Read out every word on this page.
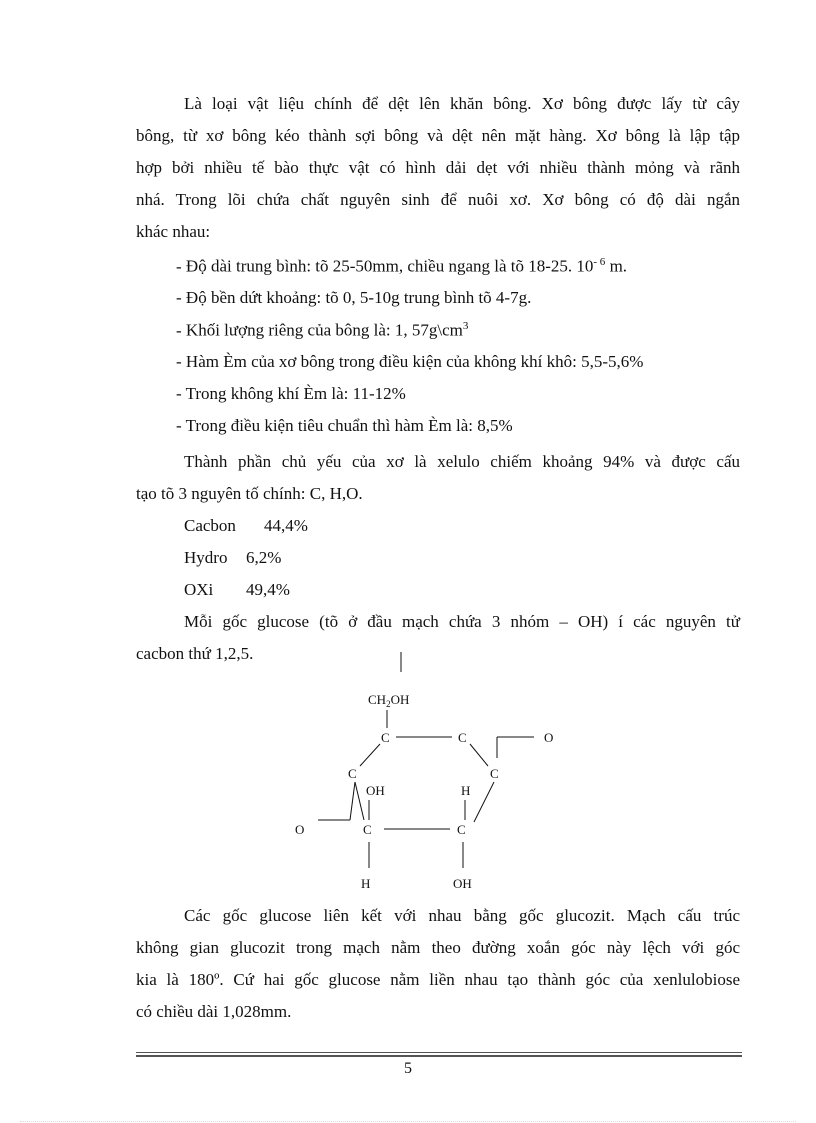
Là loại vật liệu chính để dệt lên khăn bông. Xơ bông được lấy từ cây
bông, từ xơ bông kéo thành sợi bông và dệt nên mặt hàng. Xơ bông là lập tập
hợp bởi nhiều tế bào thực vật có hình dải dẹt với nhiều thành mỏng và rãnh
nhá. Trong lõi chứa chất nguyên sinh để nuôi xơ. Xơ bông có độ dài ngắn
khác nhau:
- Độ dài trung bình: tõ 25-50mm, chiều ngang là tõ 18-25. $10^{- 6}$ m.
- Độ bền dứt khoảng: tõ 0, 5-10g trung bình tõ 4-7g.
- Khối lượng riêng của bông là: 1, $57g\backslash cm^3$
- Hàm Èm của xơ bông trong điều kiện của không khí khô: 5,5-5,6%
- Trong không khí Èm là: 11-12%
- Trong điều kiện tiêu chuẩn thì hàm Èm là: 8,5%
Thành phần chủ yếu của xơ là xelulo chiếm khoảng 94% và được cấu
tạo tõ 3 nguyên tố chính: C, H,O.
Cacbon 44,4%
Hydro 6,2%
OXi 49,4%
Mỗi gốc glucose (tõ ở đầu mạch chứa 3 nhóm – OH) í các nguyên tử
cacbon thứ 1,2,5.
$CH_2OH$
C	C	O
C	C
OH	H
O	C	C
H	OH
Các gốc glucose liên kết với nhau bằng gốc glucozit. Mạch cấu trúc
không gian glucozit trong mạch nằm theo đường xoắn góc này lệch với góc
kia là 180º. Cứ hai gốc glucose nằm liền nhau tạo thành góc của xenlulobiose
có chiều dài 1,028mm.
5
